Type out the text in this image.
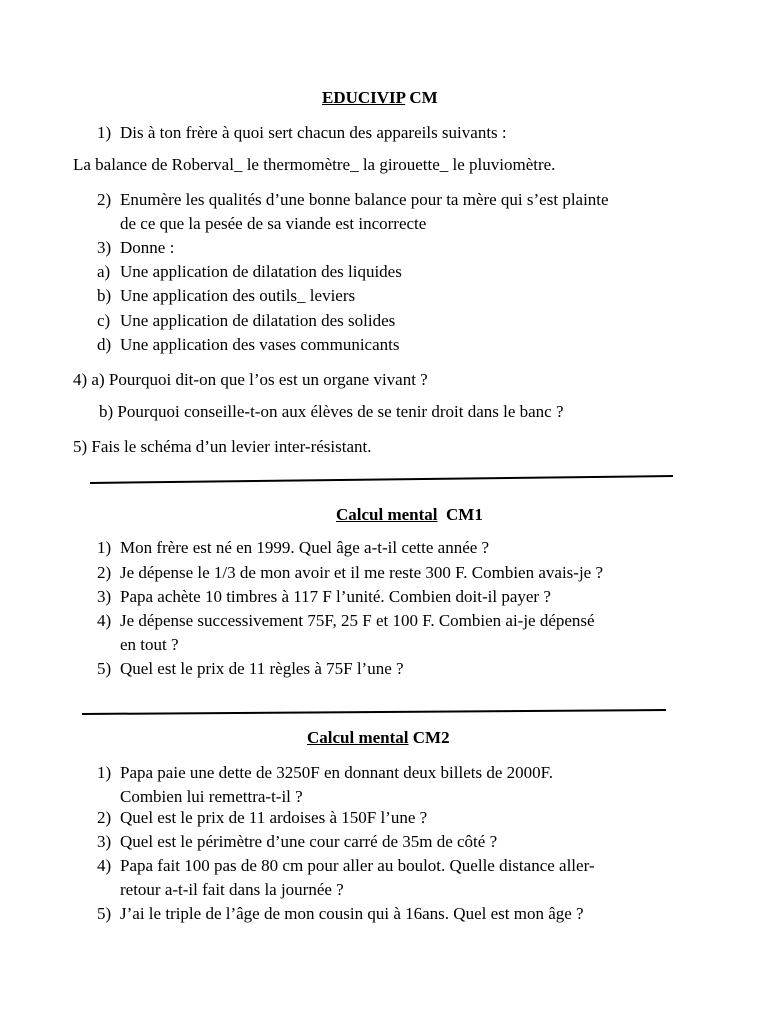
EDUCIVIP CM
1) Dis à ton frère à quoi sert chacun des appareils suivants :
La balance de Roberval_ le thermomètre_ la girouette_ le pluviomètre.
2) Enumère les qualités d’une bonne balance pour ta mère qui s’est plainte
de ce que la pesée de sa viande est incorrecte
3) Donne :
a) Une application de dilatation des liquides
b) Une application des outils_ leviers
c) Une application de dilatation des solides
d) Une application des vases communicants
4) a) Pourquoi dit-on que l’os est un organe vivant ?
b) Pourquoi conseille-t-on aux élèves de se tenir droit dans le banc ?
5) Fais le schéma d’un levier inter-résistant.
Calcul mental  CM1
1) Mon frère est né en 1999. Quel âge a-t-il cette année ?
2) Je dépense le 1/3 de mon avoir et il me reste 300 F. Combien avais-je ?
3) Papa achète 10 timbres à 117 F l’unité. Combien doit-il payer ?
4) Je dépense successivement 75F, 25 F et 100 F. Combien ai-je dépensé
en tout ?
5) Quel est le prix de 11 règles à 75F l’une ?
Calcul mental CM2
1) Papa paie une dette de 3250F en donnant deux billets de 2000F.
Combien lui remettra-t-il ?
2) Quel est le prix de 11 ardoises à 150F l’une ?
3) Quel est le périmètre d’une cour carré de 35m de côté ?
4) Papa fait 100 pas de 80 cm pour aller au boulot. Quelle distance aller-
retour a-t-il fait dans la journée ?
5) J’ai le triple de l’âge de mon cousin qui à 16ans. Quel est mon âge ?
